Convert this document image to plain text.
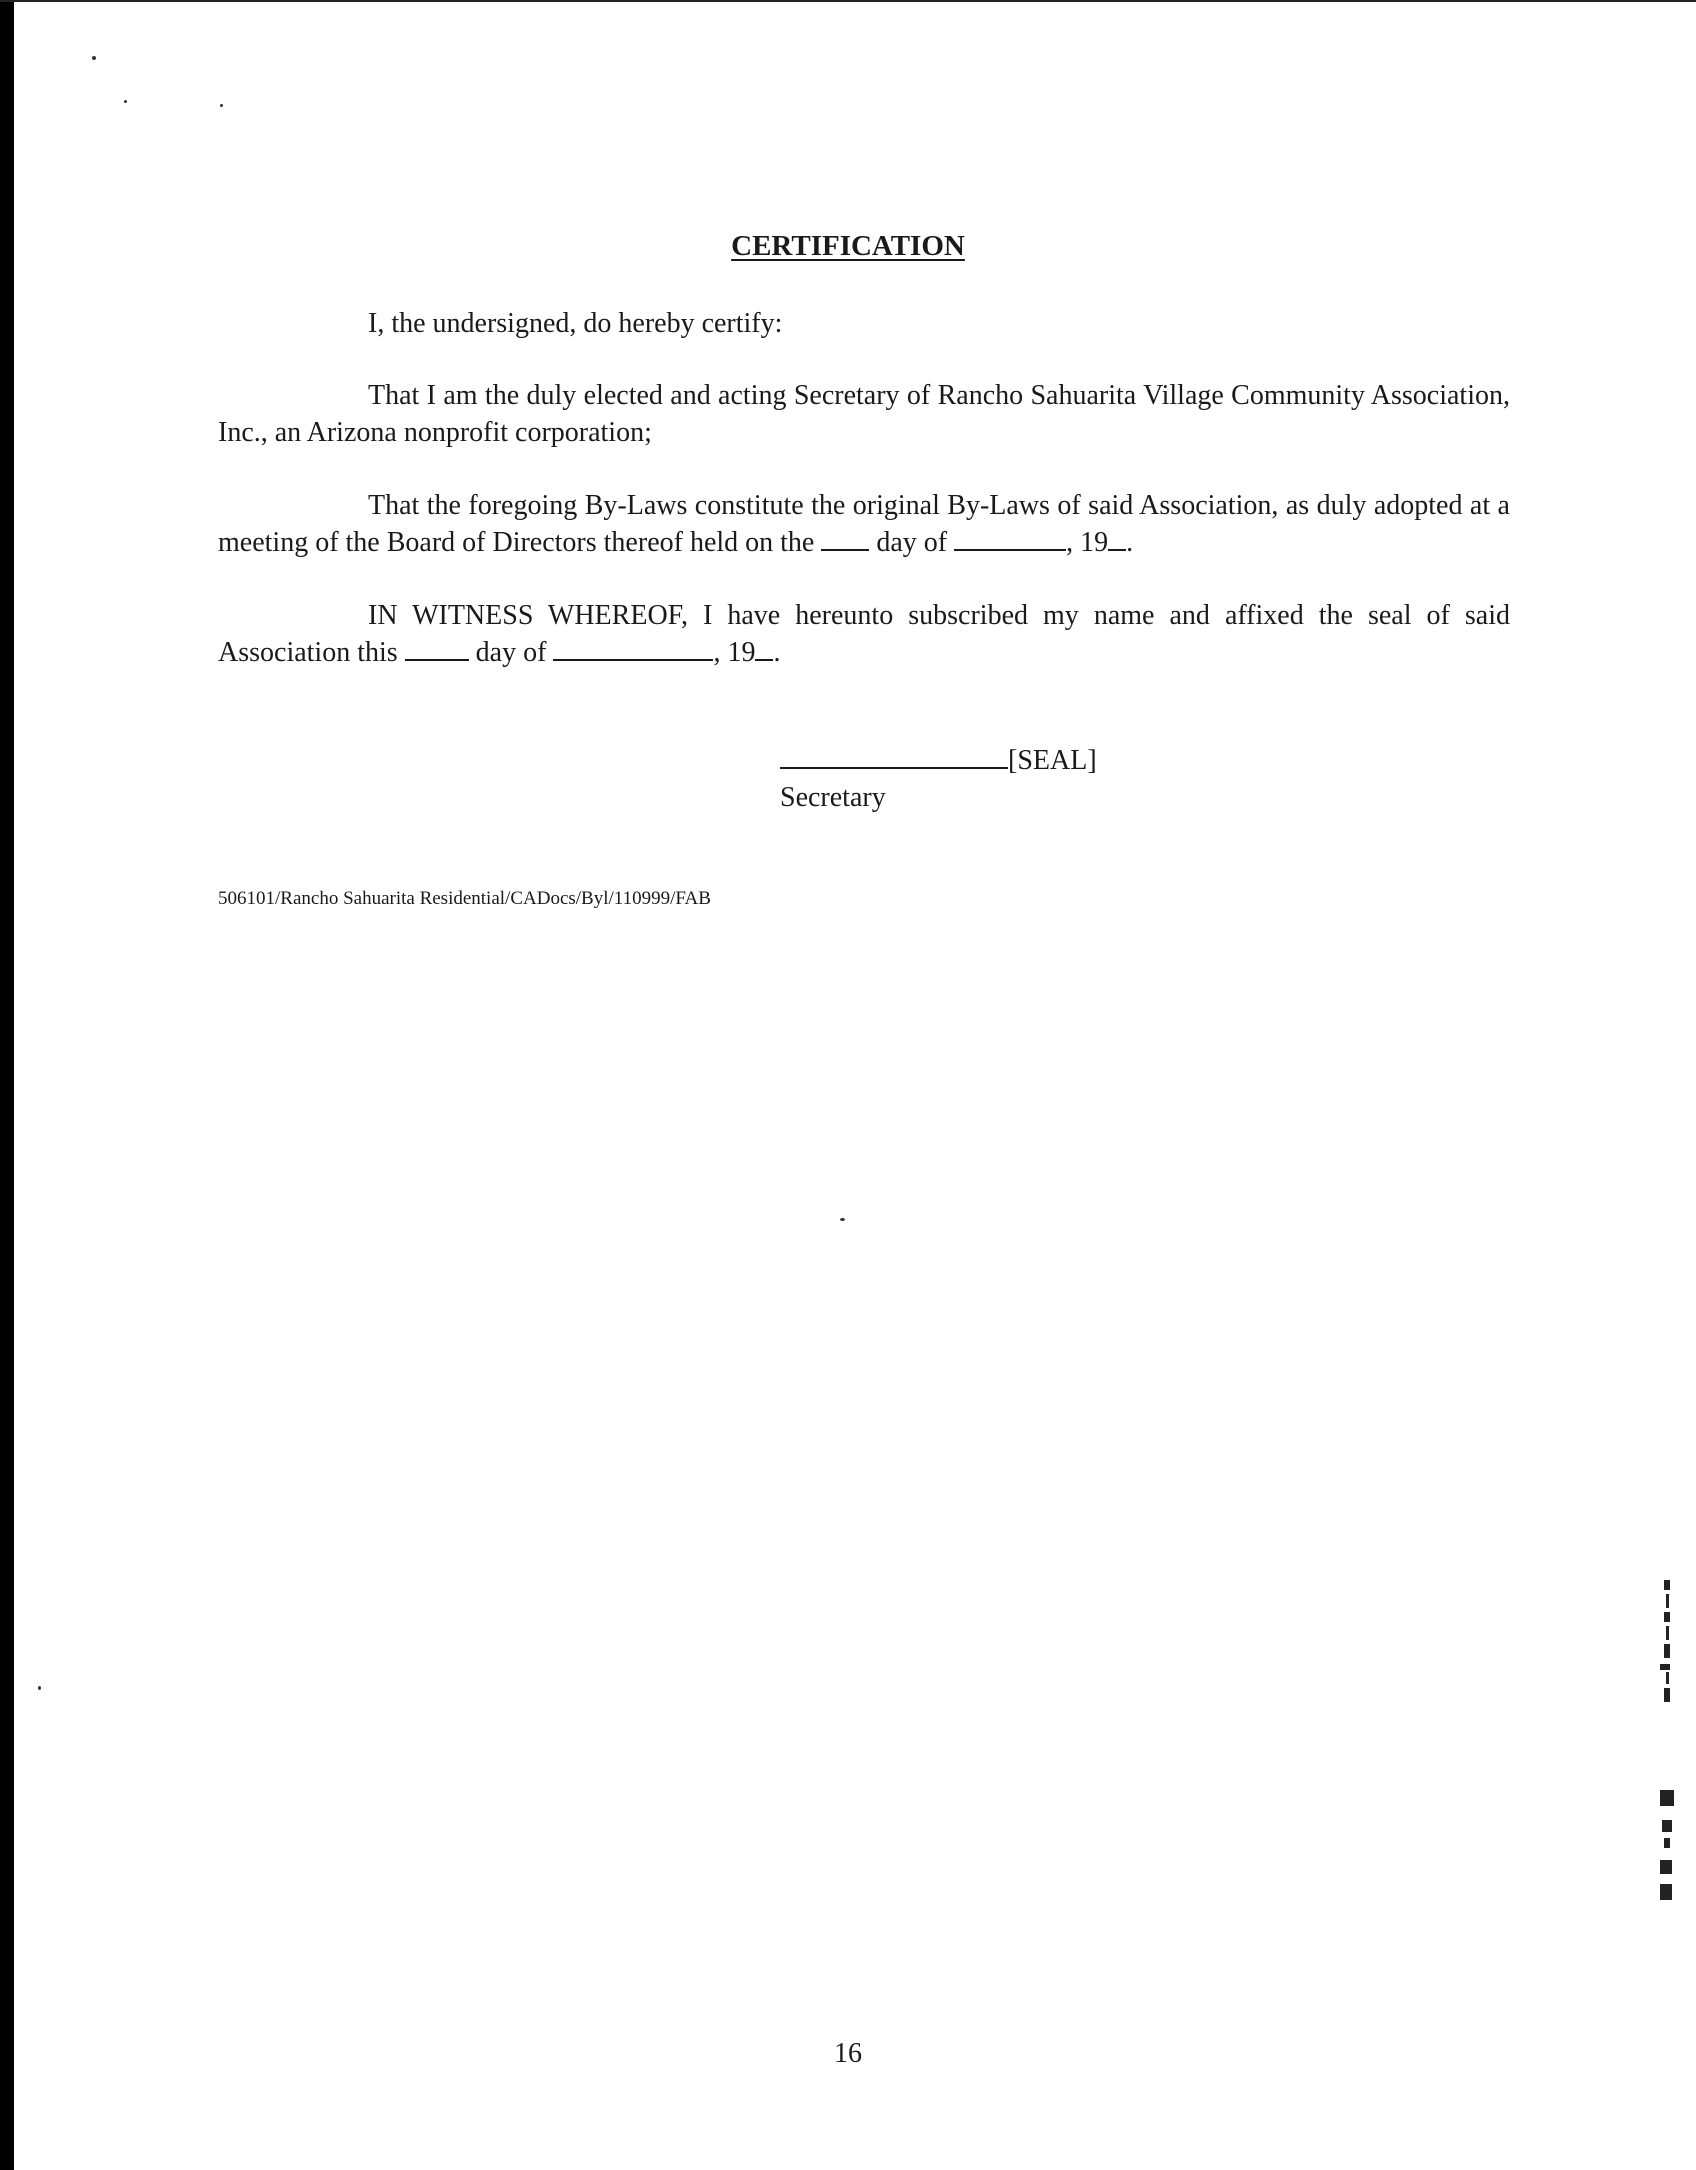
CERTIFICATION

I, the undersigned, do hereby certify:

That I am the duly elected and acting Secretary of Rancho Sahuarita Village Community Association, Inc., an Arizona nonprofit corporation;

That the foregoing By-Laws constitute the original By-Laws of said Association, as duly adopted at a meeting of the Board of Directors thereof held on the  day of	, 19 .

IN WITNESS WHEREOF, I have hereunto subscribed my name and affixed the seal of said Association this  day of	, 19 .

[SEAL]
Secretary
506101/Rancho Sahuarita Residential/CADocs/Byl/110999/FAB
16
